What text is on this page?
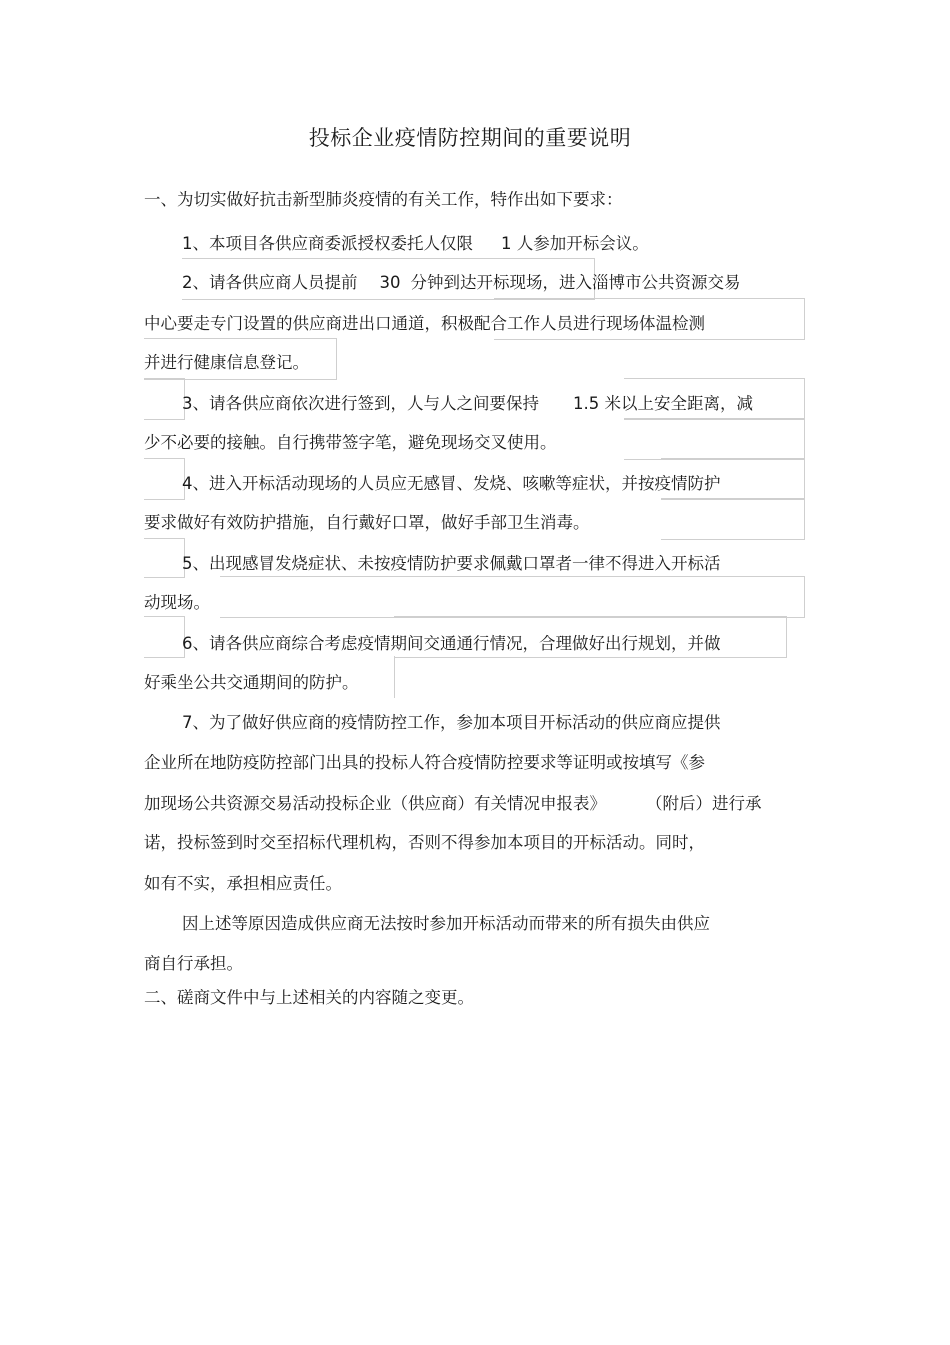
投标企业疫情防控期间的重要说明
一、为切实做好抗击新型肺炎疫情的有关工作，特作出如下要求：
1、本项目各供应商委派授权委托人仅限 1 人参加开标会议。
2、请各供应商人员提前 30 分钟到达开标现场，进入淄博市公共资源交易
中心要走专门设置的供应商进出口通道，积极配合工作人员进行现场体温检测
并进行健康信息登记。
3、请各供应商依次进行签到，人与人之间要保持 1.5 米以上安全距离，减
少不必要的接触。自行携带签字笔，避免现场交叉使用。
4、进入开标活动现场的人员应无感冒、发烧、咳嗽等症状，并按疫情防护
要求做好有效防护措施，自行戴好口罩，做好手部卫生消毒。
5、出现感冒发烧症状、未按疫情防护要求佩戴口罩者一律不得进入开标活
动现场。
6、请各供应商综合考虑疫情期间交通通行情况，合理做好出行规划，并做
好乘坐公共交通期间的防护。
7、为了做好供应商的疫情防控工作，参加本项目开标活动的供应商应提供
企业所在地防疫防控部门出具的投标人符合疫情防控要求等证明或按填写《参
加现场公共资源交易活动投标企业（供应商）有关情况申报表》 （附后）进行承
诺，投标签到时交至招标代理机构，否则不得参加本项目的开标活动。同时，
如有不实，承担相应责任。
因上述等原因造成供应商无法按时参加开标活动而带来的所有损失由供应
商自行承担。
二、磋商文件中与上述相关的内容随之变更。
